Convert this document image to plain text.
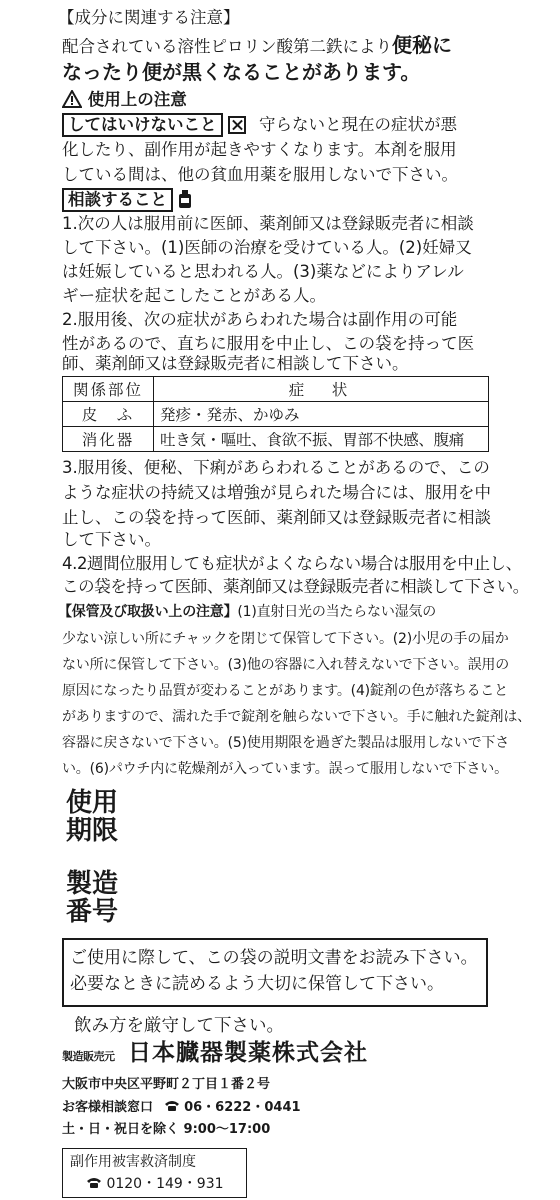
【成分に関連する注意】
配合されている溶性ピロリン酸第二鉄により便秘に
なったり便が黒くなることがあります。
使用上の注意
してはいけないこと	守らないと現在の症状が悪
化したり、副作用が起きやすくなります。本剤を服用
している間は、他の貧血用薬を服用しないで下さい。
相談すること
1.次の人は服用前に医師、薬剤師又は登録販売者に相談
して下さい。(1)医師の治療を受けている人。(2)妊婦又
は妊娠していると思われる人。(3)薬などによりアレル
ギー症状を起こしたことがある人。
2.服用後、次の症状があらわれた場合は副作用の可能
性があるので、直ちに服用を中止し、この袋を持って医
師、薬剤師又は登録販売者に相談して下さい。
関係部位	症　状
皮　ふ	発疹・発赤、かゆみ
消化器	吐き気・嘔吐、食欲不振、胃部不快感、腹痛
3.服用後、便秘、下痢があらわれることがあるので、この
ような症状の持続又は増強が見られた場合には、服用を中
止し、この袋を持って医師、薬剤師又は登録販売者に相談
して下さい。
4.2週間位服用しても症状がよくならない場合は服用を中止し、
この袋を持って医師、薬剤師又は登録販売者に相談して下さい。
【保管及び取扱い上の注意】(1)直射日光の当たらない湿気の
少ない涼しい所にチャックを閉じて保管して下さい。(2)小児の手の届か
ない所に保管して下さい。(3)他の容器に入れ替えないで下さい。誤用の
原因になったり品質が変わることがあります。(4)錠剤の色が落ちること
がありますので、濡れた手で錠剤を触らないで下さい。手に触れた錠剤は、
容器に戻さないで下さい。(5)使用期限を過ぎた製品は服用しないで下さ
い。(6)パウチ内に乾燥剤が入っています。誤って服用しないで下さい。
使用
期限
製造
番号
ご使用に際して、この袋の説明文書をお読み下さい。
必要なときに読めるよう大切に保管して下さい。
飲み方を厳守して下さい。
製造販売元 日本臓器製薬株式会社
大阪市中央区平野町２丁目１番２号
お客様相談窓口 06・6222・0441
土・日・祝日を除く 9:00～17:00
副作用被害救済制度
0120・149・931
